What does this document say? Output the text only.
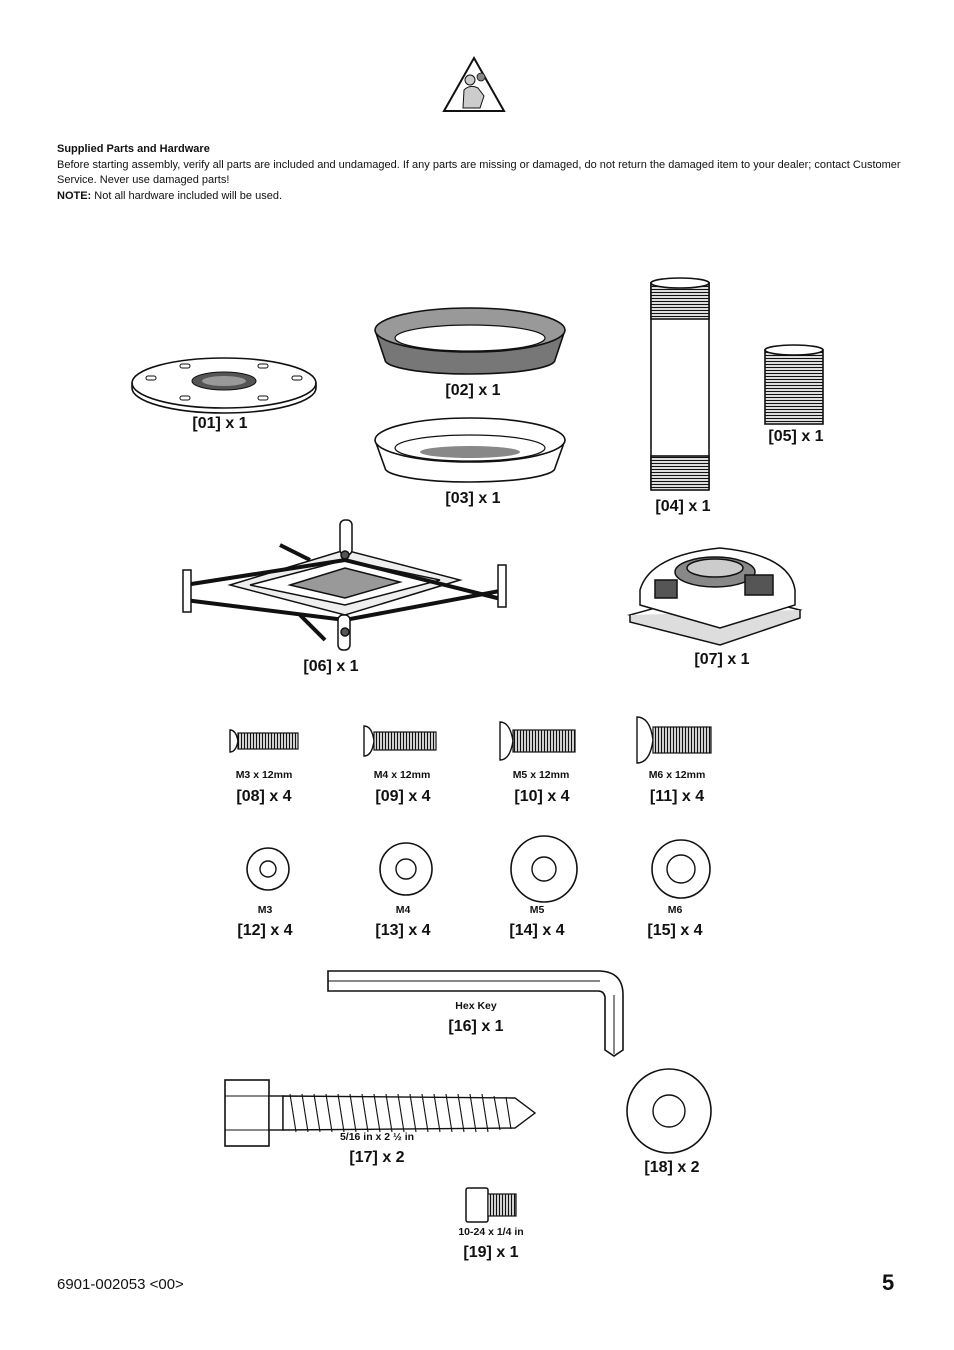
Supplied Parts and Hardware
Before starting assembly, verify all parts are included and undamaged. If any parts are missing or damaged, do not return the damaged item to your dealer; contact Customer Service. Never use damaged parts!
NOTE: Not all hardware included will be used.
[01] x 1
[02] x 1
[03] x 1	[04] x 1
[05] x 1
[06] x 1	[07] x 1
M3 x 12mm	M4 x 12mm	M5 x 12mm	M6 x 12mm
[08] x 4	[09] x 4	[10] x 4	[11] x 4
M3	M4	M5	M6
[12] x 4	[13] x 4	[14] x 4	[15] x 4
Hex Key
[16] x 1
5/16 in x 2 ½ in
[17] x 2
[18] x 2
10-24 x 1/4 in
[19] x 1
6901-002053 <00>	5
